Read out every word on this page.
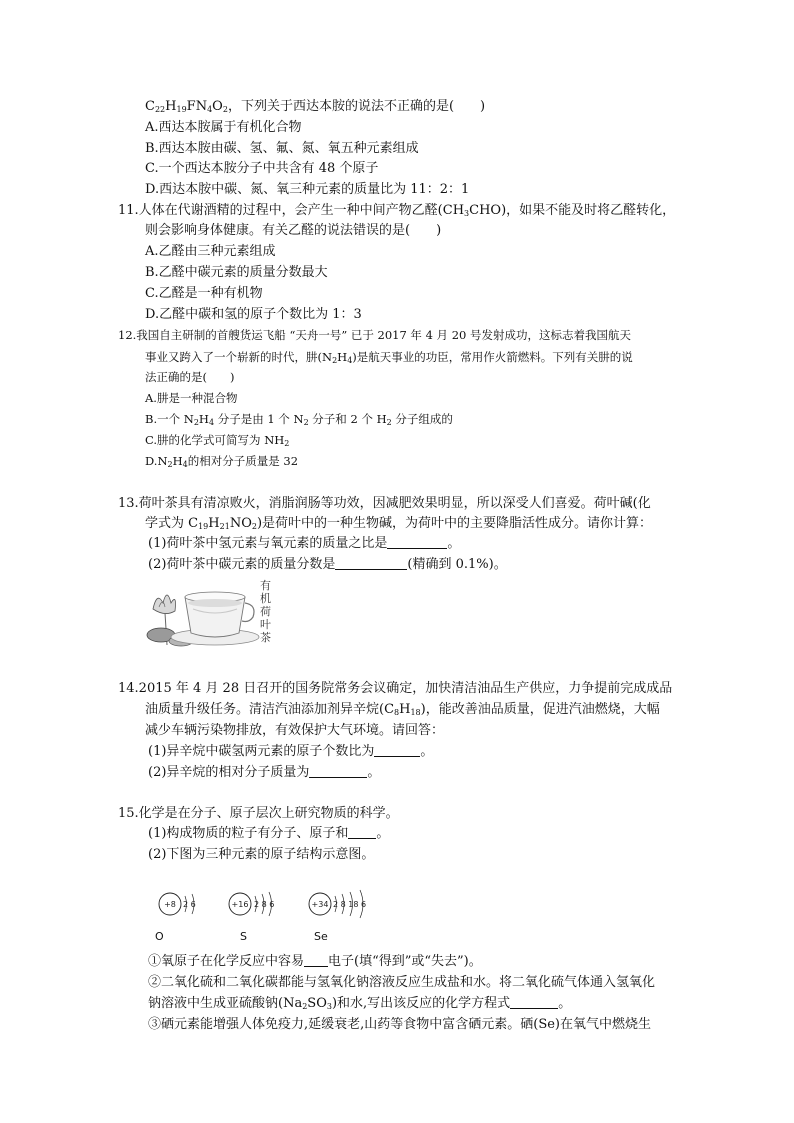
$C_{22}H_{19}FN_4O_2$，下列关于西达本胺的说法不正确的是(　　)
A.西达本胺属于有机化合物
B.西达本胺由碳、氢、氟、氮、氧五种元素组成
C.一个西达本胺分子中共含有 48 个原子
D.西达本胺中碳、氮、氧三种元素的质量比为 11：2：1
11.人体在代谢酒精的过程中，会产生一种中间产物乙醛$(CH_3CHO)$，如果不能及时将乙醛转化，
则会影响身体健康。有关乙醛的说法错误的是(　　)
A.乙醛由三种元素组成
B.乙醛中碳元素的质量分数最大
C.乙醛是一种有机物
D.乙醛中碳和氢的原子个数比为 1：3
12.我国自主研制的首艘货运飞船 “天舟一号” 已于 2017 年 4 月 20 号发射成功，这标志着我国航天
事业又跨入了一个崭新的时代，肼$(N_2H_4)$是航天事业的功臣，常用作火箭燃料。下列有关肼的说
法正确的是(　　)
A.肼是一种混合物
B.一个 $N_2H_4$ 分子是由 1 个 $N_2$ 分子和 2 个 $H_2$ 分子组成的
C.肼的化学式可简写为 $NH_2$
$D.N_2H_4$的相对分子质量是 32
13.荷叶茶具有清凉败火，消脂润肠等功效，因减肥效果明显，所以深受人们喜爱。荷叶碱(化
学式为 $C_{19}H_{21}NO_2$)是荷叶中的一种生物碱，为荷叶中的主要降脂活性成分。请你计算：
(1)荷叶茶中氢元素与氧元素的质量之比是	。
(2)荷叶茶中碳元素的质量分数是	(精确到 0.1%)。
有机荷叶茶
14.2015 年 4 月 28 日召开的国务院常务会议确定，加快清洁油品生产供应，力争提前完成成品
油质量升级任务。清洁汽油添加剂异辛烷$(C_8H_{18})$，能改善油品质量，促进汽油燃烧，大幅
减少车辆污染物排放，有效保护大气环境。请回答：
(1)异辛烷中碳氢两元素的原子个数比为	。
(2)异辛烷的相对分子质量为	。
15.化学是在分子、原子层次上研究物质的科学。
(1)构成物质的粒子有分子、原子和 。
(2)下图为三种元素的原子结构示意图。
+8 2 6	+16 2 8 6	+34 2 8 18 6
O	S	Se
①氧原子在化学反应中容易 电子(填“得到”或“失去”)。
②二氧化硫和二氧化碳都能与氢氧化钠溶液反应生成盐和水。将二氧化硫气体通入氢氧化
钠溶液中生成亚硫酸钠$(Na_2SO_3)$和水,写出该反应的化学方程式	。
③硒元素能增强人体免疫力,延缓衰老,山药等食物中富含硒元素。硒(Se)在氧气中燃烧生
